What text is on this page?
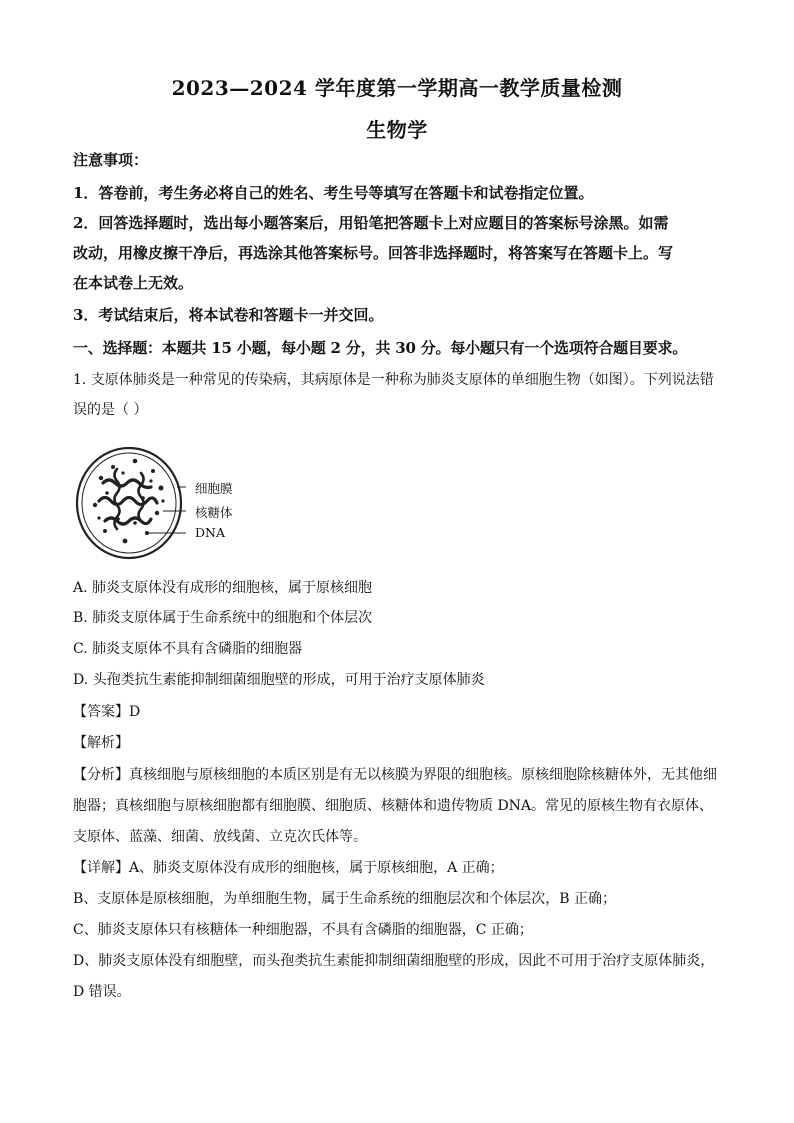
2023—2024 学年度第一学期高一教学质量检测
生物学
注意事项：
1．答卷前，考生务必将自己的姓名、考生号等填写在答题卡和试卷指定位置。
2．回答选择题时，选出每小题答案后，用铅笔把答题卡上对应题目的答案标号涂黑。如需
改动，用橡皮擦干净后，再选涂其他答案标号。回答非选择题时，将答案写在答题卡上。写
在本试卷上无效。
3．考试结束后，将本试卷和答题卡一并交回。
一、选择题：本题共 15 小题，每小题 2 分，共 30 分。每小题只有一个选项符合题目要求。
1. 支原体肺炎是一种常见的传染病，其病原体是一种称为肺炎支原体的单细胞生物（如图）。下列说法错
误的是（ ）
细胞膜
核糖体
DNA
A. 肺炎支原体没有成形的细胞核，属于原核细胞
B. 肺炎支原体属于生命系统中的细胞和个体层次
C. 肺炎支原体不具有含磷脂的细胞器
D. 头孢类抗生素能抑制细菌细胞壁的形成，可用于治疗支原体肺炎
【答案】D
【解析】
【分析】真核细胞与原核细胞的本质区别是有无以核膜为界限的细胞核。原核细胞除核糖体外，无其他细
胞器；真核细胞与原核细胞都有细胞膜、细胞质、核糖体和遗传物质 DNA。常见的原核生物有衣原体、
支原体、蓝藻、细菌、放线菌、立克次氏体等。
【详解】A、肺炎支原体没有成形的细胞核，属于原核细胞，A 正确；
B、支原体是原核细胞，为单细胞生物，属于生命系统的细胞层次和个体层次，B 正确；
C、肺炎支原体只有核糖体一种细胞器，不具有含磷脂的细胞器，C 正确；
D、肺炎支原体没有细胞壁，而头孢类抗生素能抑制细菌细胞壁的形成，因此不可用于治疗支原体肺炎，
D 错误。
